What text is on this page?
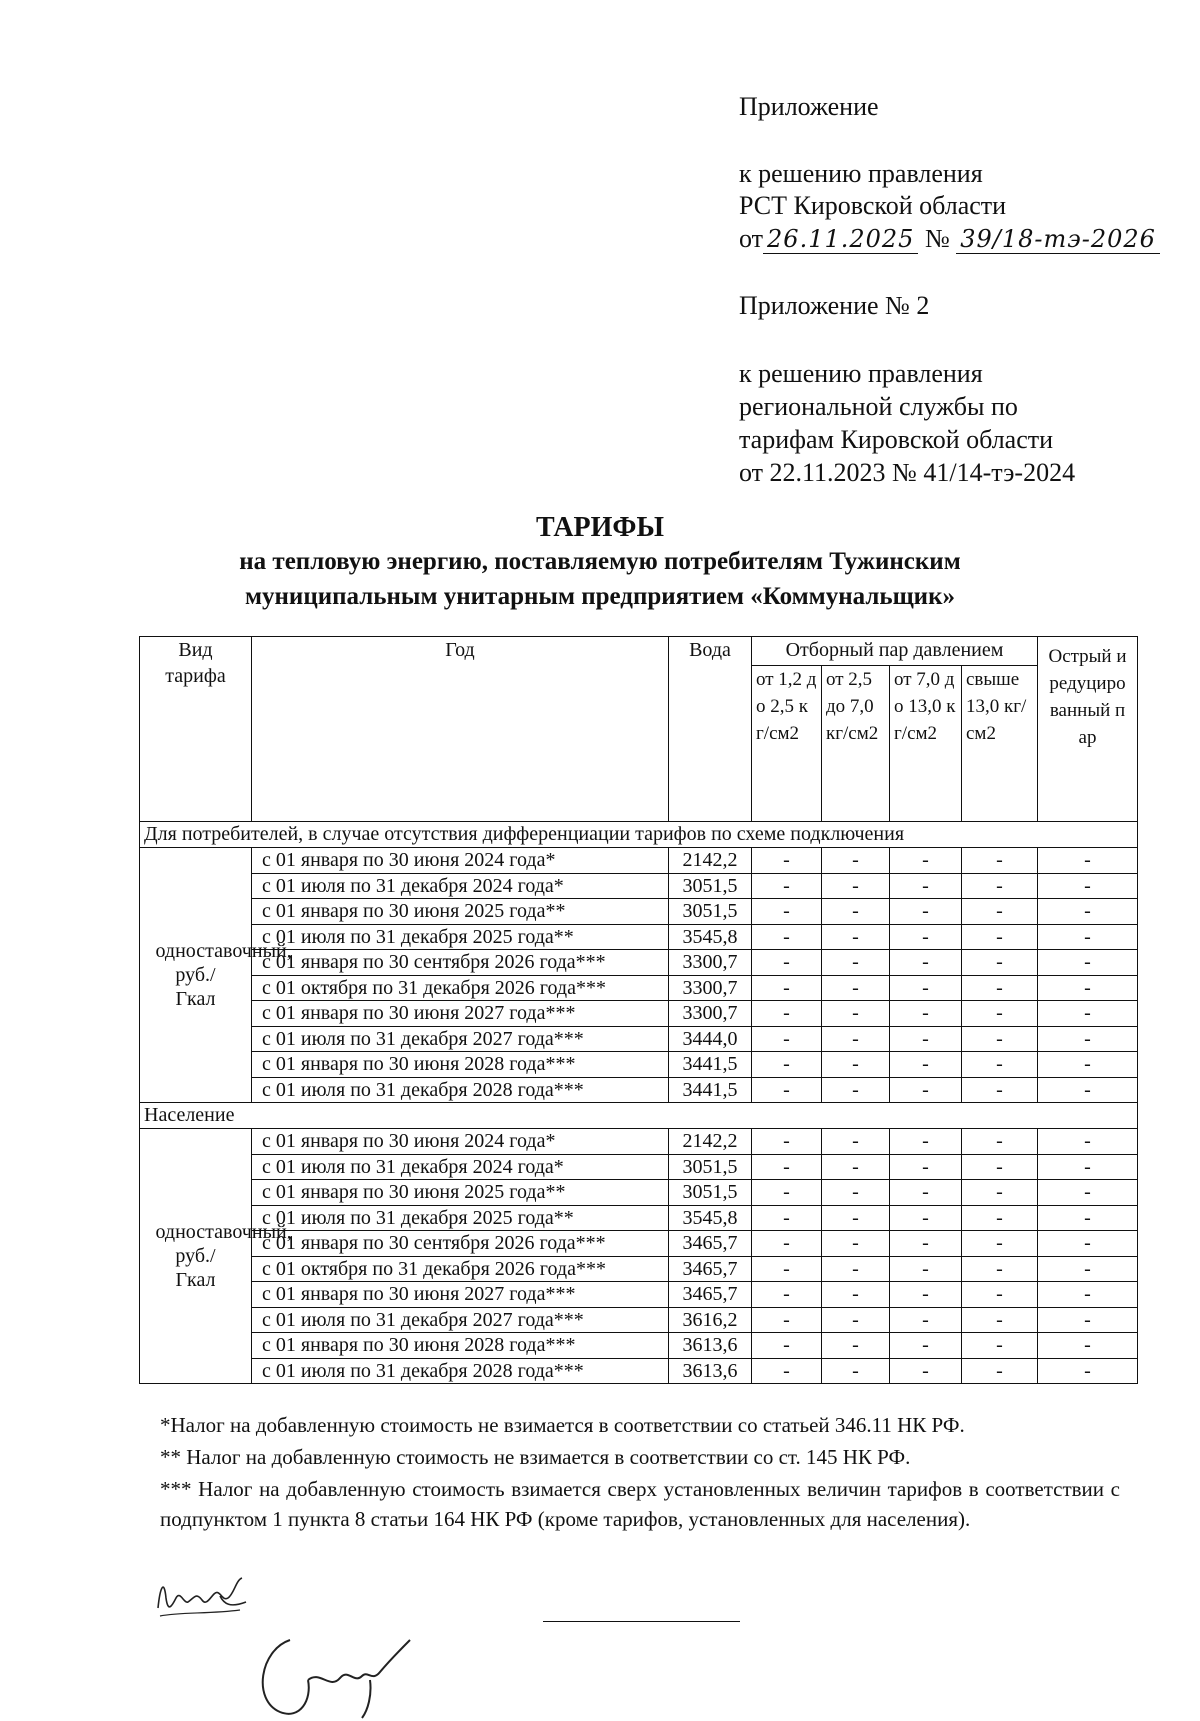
Приложение
к решению правления
РСТ Кировской области
от 26.11.2025 № 39/18-тэ-2026
Приложение № 2
к решению правления
региональной службы по
тарифам Кировской области
от 22.11.2023 № 41/14-тэ-2024
ТАРИФЫ
на тепловую энергию, поставляемую потребителям Тужинским
муниципальным унитарным предприятием «Коммунальщик»
Вид тарифа	Год	Вода	Отборный пар давлением				Острый и редуцированный пар
			от 1,2 до 2,5 кг/см2	от 2,5 до 7,0 кг/см2	от 7,0 до 13,0 кг/см2	свыше 13,0 кг/см2	
Для потребителей, в случае отсутствия дифференциации тарифов по схеме подключения							

одноставочный, руб./Гкал	с 01 января по 30 июня 2024 года*	2142,2	-	-	-	-	-
	с 01 июля по 31 декабря 2024 года*	3051,5	-	-	-	-	-
	с 01 января по 30 июня 2025 года**	3051,5	-	-	-	-	-
	с 01 июля по 31 декабря 2025 года**	3545,8	-	-	-	-	-
	с 01 января по 30 сентября 2026 года***	3300,7	-	-	-	-	-
	с 01 октября по 31 декабря 2026 года***	3300,7	-	-	-	-	-
	с 01 января по 30 июня 2027 года***	3300,7	-	-	-	-	-
	с 01 июля по 31 декабря 2027 года***	3444,0	-	-	-	-	-
	с 01 января по 30 июня 2028 года***	3441,5	-	-	-	-	-
	с 01 июля по 31 декабря 2028 года***	3441,5	-	-	-	-	-
Население							

одноставочный, руб./Гкал	с 01 января по 30 июня 2024 года*	2142,2	-	-	-	-	-
	с 01 июля по 31 декабря 2024 года*	3051,5	-	-	-	-	-
	с 01 января по 30 июня 2025 года**	3051,5	-	-	-	-	-
	с 01 июля по 31 декабря 2025 года**	3545,8	-	-	-	-	-
	с 01 января по 30 сентября 2026 года***	3465,7	-	-	-	-	-
	с 01 октября по 31 декабря 2026 года***	3465,7	-	-	-	-	-
	с 01 января по 30 июня 2027 года***	3465,7	-	-	-	-	-
	с 01 июля по 31 декабря 2027 года***	3616,2	-	-	-	-	-
	с 01 января по 30 июня 2028 года***	3613,6	-	-	-	-	-
	с 01 июля по 31 декабря 2028 года***	3613,6	-	-	-	-	-
*Налог на добавленную стоимость не взимается в соответствии со статьей 346.11 НК РФ.
** Налог на добавленную стоимость не взимается в соответствии со ст. 145 НК РФ.
*** Налог на добавленную стоимость взимается сверх установленных величин тарифов в соответствии с подпунктом 1 пункта 8 статьи 164 НК РФ (кроме тарифов, установленных для населения).
